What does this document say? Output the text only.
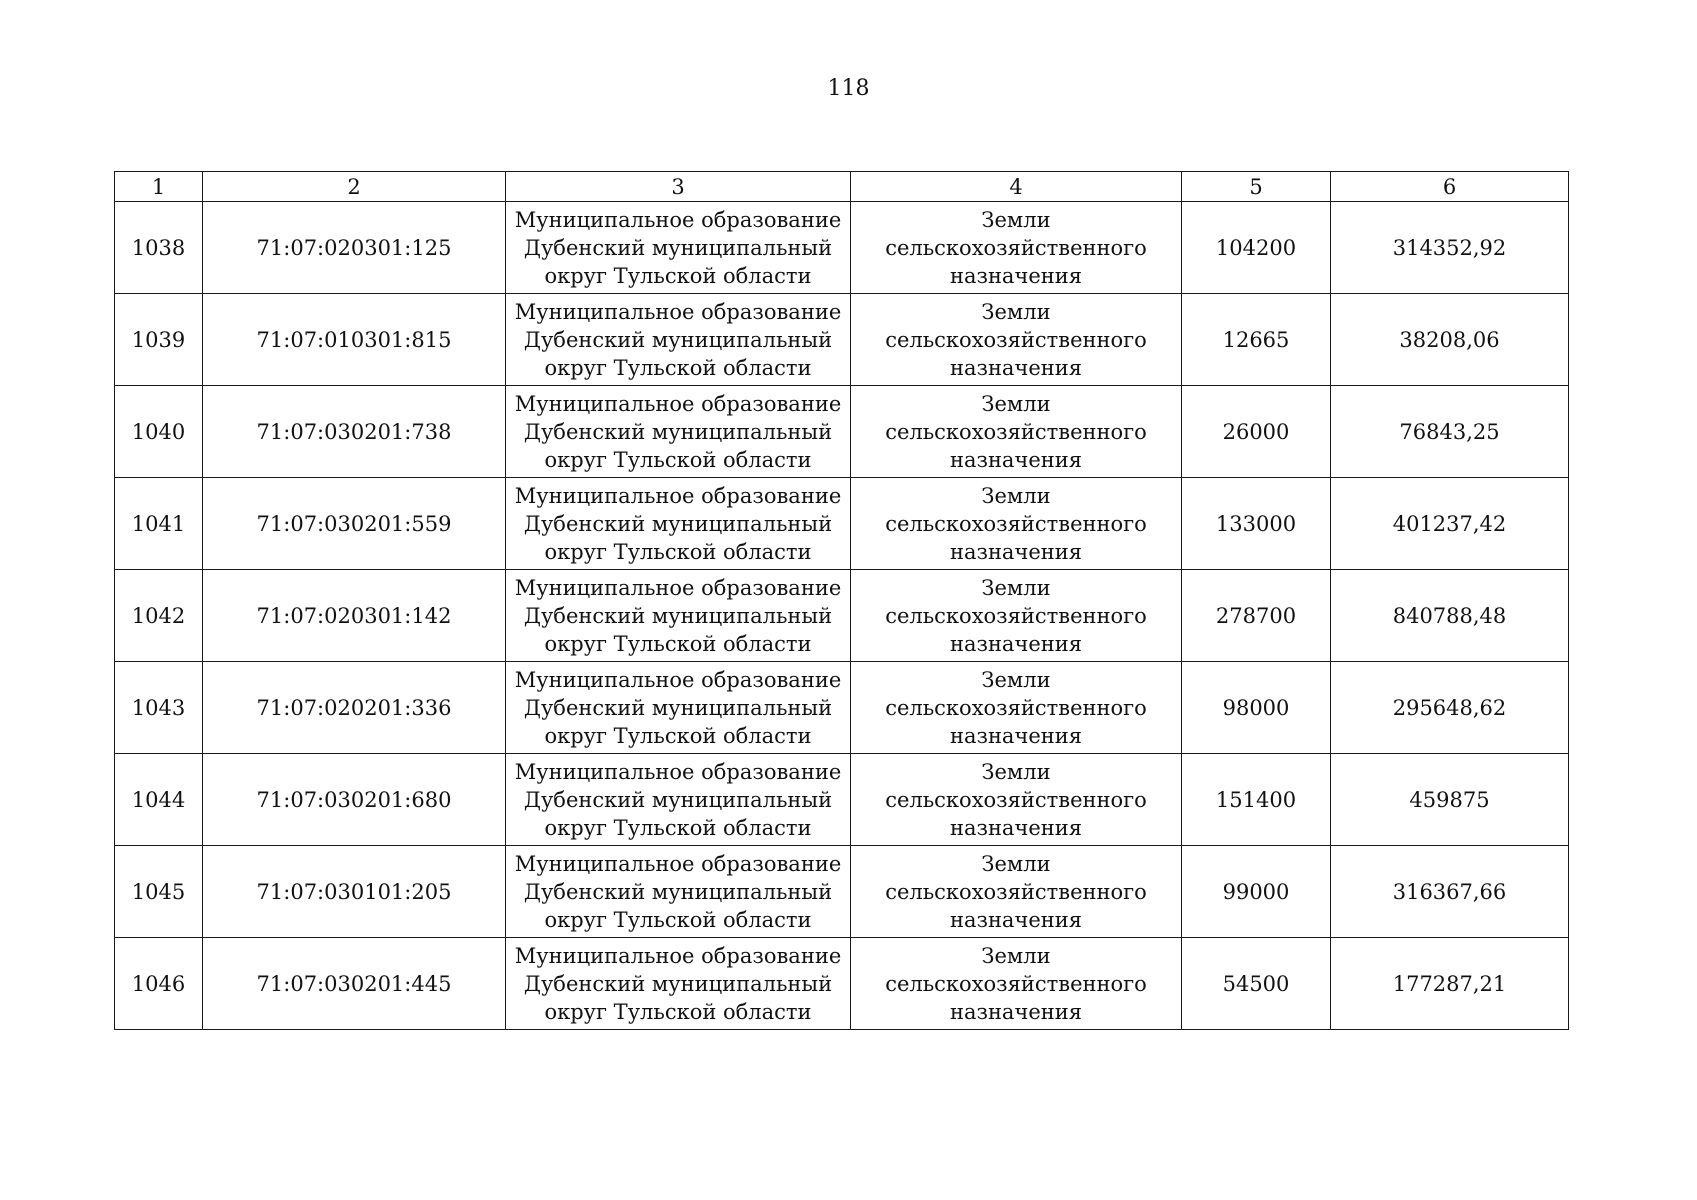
118
1	2	3	4	5	6
1038	71:07:020301:125	Муниципальное образование
Дубенский муниципальный
округ Тульской области	Земли
сельскохозяйственного
назначения	104200	314352,92
1039	71:07:010301:815	Муниципальное образование
Дубенский муниципальный
округ Тульской области	Земли
сельскохозяйственного
назначения	12665	38208,06
1040	71:07:030201:738	Муниципальное образование
Дубенский муниципальный
округ Тульской области	Земли
сельскохозяйственного
назначения	26000	76843,25
1041	71:07:030201:559	Муниципальное образование
Дубенский муниципальный
округ Тульской области	Земли
сельскохозяйственного
назначения	133000	401237,42
1042	71:07:020301:142	Муниципальное образование
Дубенский муниципальный
округ Тульской области	Земли
сельскохозяйственного
назначения	278700	840788,48
1043	71:07:020201:336	Муниципальное образование
Дубенский муниципальный
округ Тульской области	Земли
сельскохозяйственного
назначения	98000	295648,62
1044	71:07:030201:680	Муниципальное образование
Дубенский муниципальный
округ Тульской области	Земли
сельскохозяйственного
назначения	151400	459875
1045	71:07:030101:205	Муниципальное образование
Дубенский муниципальный
округ Тульской области	Земли
сельскохозяйственного
назначения	99000	316367,66
1046	71:07:030201:445	Муниципальное образование
Дубенский муниципальный
округ Тульской области	Земли
сельскохозяйственного
назначения	54500	177287,21
